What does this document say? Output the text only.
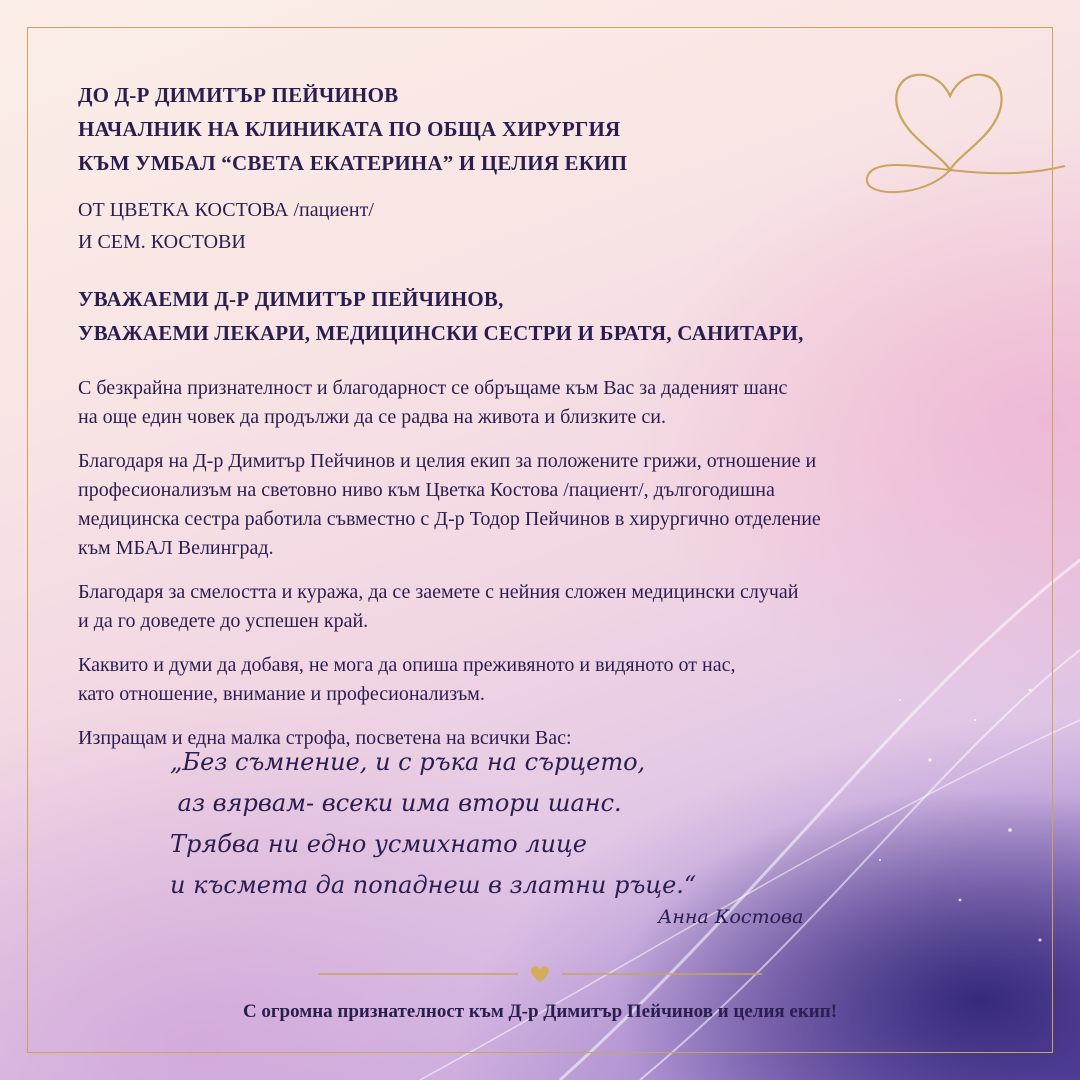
ДО Д-Р ДИМИТЪР ПЕЙЧИНОВ

НАЧАЛНИК НА КЛИНИКАТА ПО ОБЩА ХИРУРГИЯ

КЪМ УМБАЛ “СВЕТА ЕКАТЕРИНА” И ЦЕЛИЯ ЕКИП

ОТ ЦВЕТКА КОСТОВА /пациент/
И СЕМ. КОСТОВИ

УВАЖАЕМИ Д-Р ДИМИТЪР ПЕЙЧИНОВ,

УВАЖАЕМИ ЛЕКАРИ, МЕДИЦИНСКИ СЕСТРИ И БРАТЯ, САНИТАРИ,

С безкрайна признателност и благодарност се обръщаме към Вас за даденият шанс

на още един човек да продължи да се радва на живота и близките си.

Благодаря на Д-р Димитър Пейчинов и целия екип за положените грижи, отношение и

професионализъм на световно ниво към Цветка Костова /пациент/, дългогодишна

медицинска сестра работила съвместно с Д-р Тодор Пейчинов в хирургично отделение

към МБАЛ Велинград.

Благодаря за смелостта и куража, да се заемете с нейния сложен медицински случай

и да го доведете до успешен край.

Каквито и думи да добавя, не мога да опиша преживяното и видяното от нас,

като отношение, внимание и професионализъм.

Изпращам и една малка строфа, посветена на всички Вас:

„Без съмнение, и с ръка на сърцето,
аз вярвам- всеки има втори шанс.
Трябва ни едно усмихнато лице
и късмета да попаднеш в златни ръце.“
Анна Костова
С огромна признателност към Д-р Димитър Пейчинов и целия екип!
